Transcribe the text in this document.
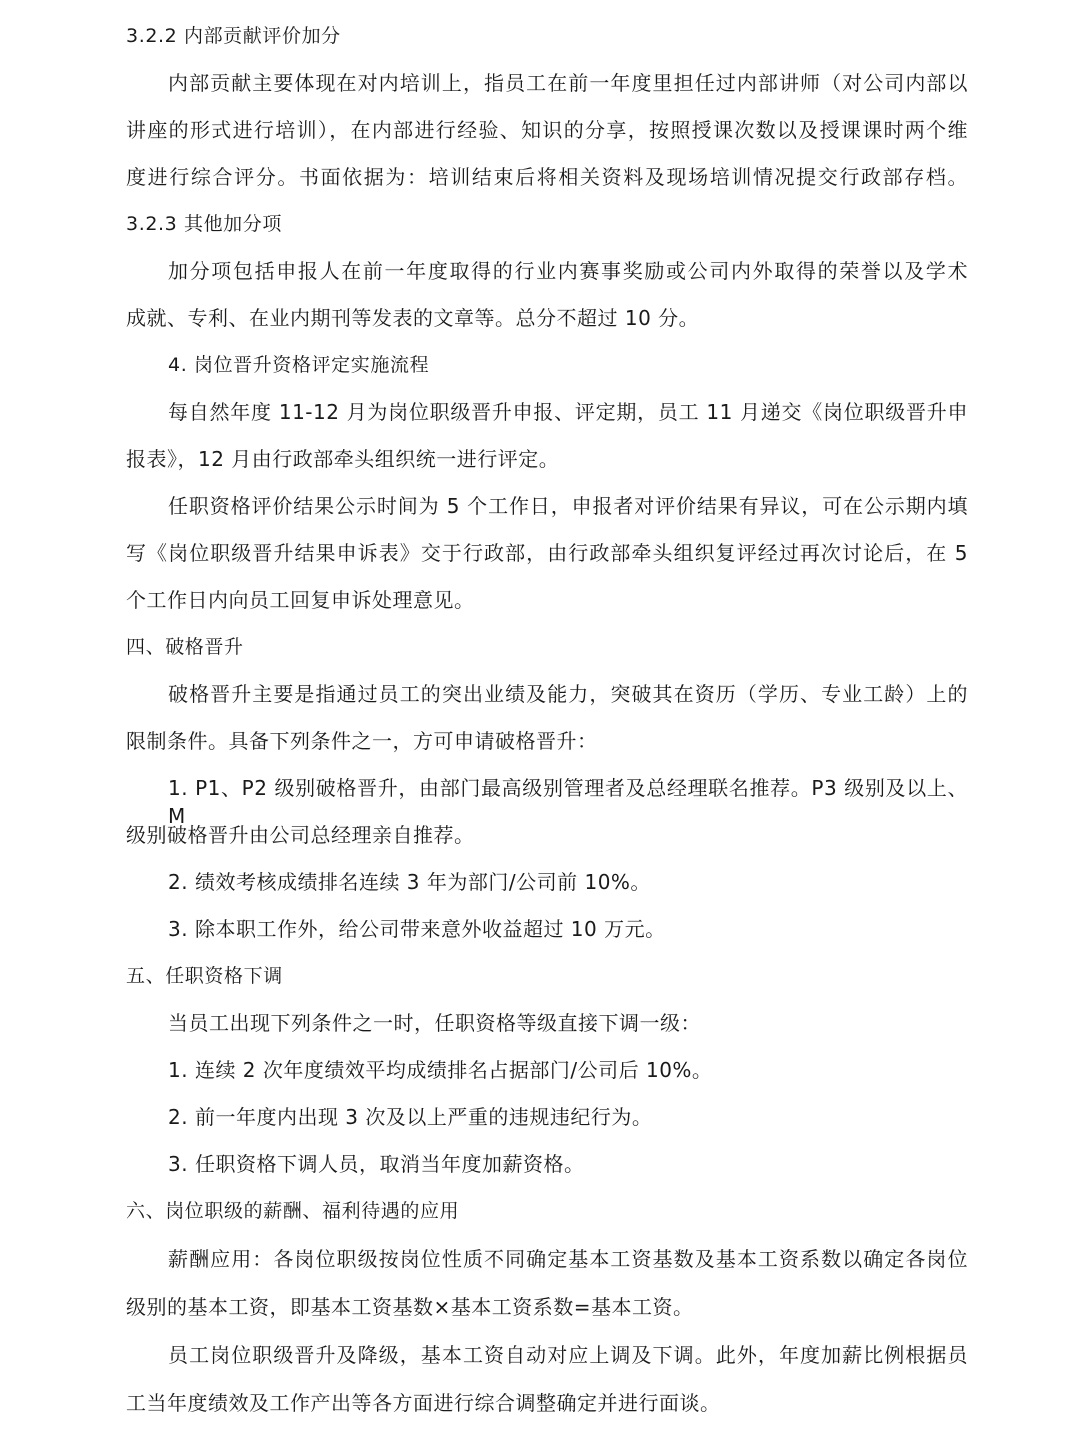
3.2.2 内部贡献评价加分
内部贡献主要体现在对内培训上，指员工在前一年度里担任过内部讲师（对公司内部以
讲座的形式进行培训），在内部进行经验、知识的分享，按照授课次数以及授课课时两个维
度进行综合评分。书面依据为：培训结束后将相关资料及现场培训情况提交行政部存档。
3.2.3 其他加分项
加分项包括申报人在前一年度取得的行业内赛事奖励或公司内外取得的荣誉以及学术
成就、专利、在业内期刊等发表的文章等。总分不超过 10 分。
4. 岗位晋升资格评定实施流程
每自然年度 11-12 月为岗位职级晋升申报、评定期，员工 11 月递交《岗位职级晋升申
报表》，12 月由行政部牵头组织统一进行评定。
任职资格评价结果公示时间为 5 个工作日，申报者对评价结果有异议，可在公示期内填
写《岗位职级晋升结果申诉表》交于行政部，由行政部牵头组织复评经过再次讨论后，在 5
个工作日内向员工回复申诉处理意见。
四、破格晋升
破格晋升主要是指通过员工的突出业绩及能力，突破其在资历（学历、专业工龄）上的
限制条件。具备下列条件之一，方可申请破格晋升：
1. P1、P2 级别破格晋升，由部门最高级别管理者及总经理联名推荐。P3 级别及以上、M
级别破格晋升由公司总经理亲自推荐。
2. 绩效考核成绩排名连续 3 年为部门/公司前 10%。
3. 除本职工作外，给公司带来意外收益超过 10 万元。
五、任职资格下调
当员工出现下列条件之一时，任职资格等级直接下调一级：
1. 连续 2 次年度绩效平均成绩排名占据部门/公司后 10%。
2. 前一年度内出现 3 次及以上严重的违规违纪行为。
3. 任职资格下调人员，取消当年度加薪资格。
六、岗位职级的薪酬、福利待遇的应用
薪酬应用：各岗位职级按岗位性质不同确定基本工资基数及基本工资系数以确定各岗位
级别的基本工资，即基本工资基数×基本工资系数=基本工资。
员工岗位职级晋升及降级，基本工资自动对应上调及下调。此外，年度加薪比例根据员
工当年度绩效及工作产出等各方面进行综合调整确定并进行面谈。
